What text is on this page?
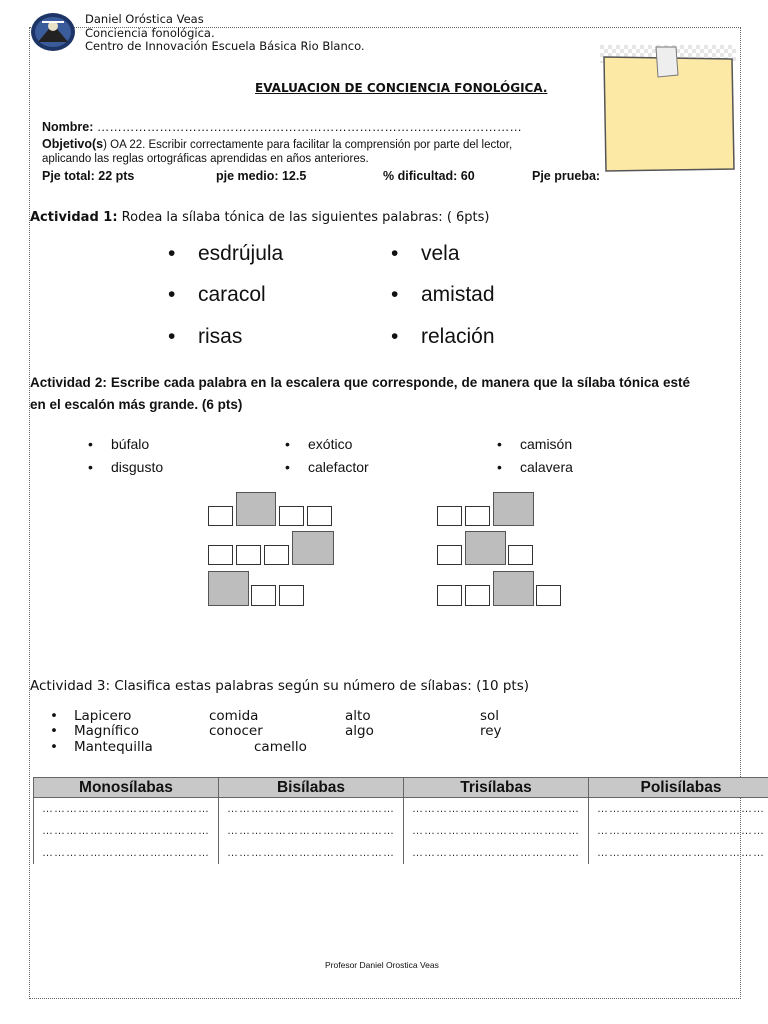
Daniel Oróstica Veas
Conciencia fonológica.
Centro de Innovación Escuela Básica Rio Blanco.
EVALUACION DE CONCIENCIA FONOLÓGICA.
Nombre: …………………………………………………………………………………………
Objetivo(s) OA 22. Escribir correctamente para facilitar la comprensión por parte del lector,
aplicando las reglas ortográficas aprendidas en años anteriores.
Pje total: 22 pts	pje medio: 12.5	% dificultad: 60	Pje prueba:
Actividad 1: Rodea la sílaba tónica de las siguientes palabras: ( 6pts)
• esdrújula
• caracol
• risas
• vela
• amistad
• relación
Actividad 2: Escribe cada palabra en la escalera que corresponde, de manera que la sílaba tónica esté en el escalón más grande. (6 pts)
• búfalo
• disgusto
• exótico
• calefactor
• camisón
• calavera
Actividad 3: Clasifica estas palabras según su número de sílabas: (10 pts)
•
•
•
Lapicero	comida	alto	sol
Magnífico	conocer	algo	rey
Mantequilla	camello
Monosílabas	Bisílabas	Trisílabas	Polisílabas
……………………………………	……………………………………	……………………………………	……………………………………
……………………………………	……………………………………	……………………………………	……………………………………
……………………………………	……………………………………	……………………………………	……………………………………
Profesor Daniel Orostica Veas
